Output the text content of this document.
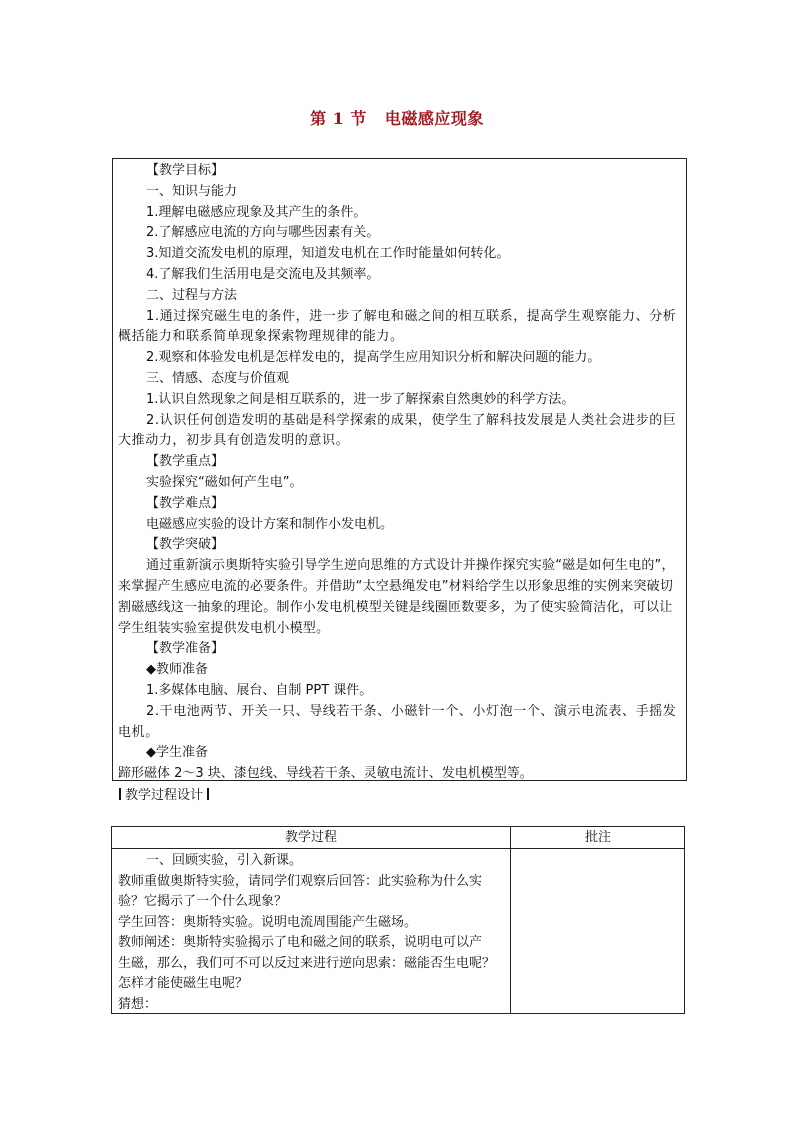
第 1 节 电磁感应现象
【教学目标】
一、知识与能力
1.理解电磁感应现象及其产生的条件。
2.了解感应电流的方向与哪些因素有关。
3.知道交流发电机的原理，知道发电机在工作时能量如何转化。
4.了解我们生活用电是交流电及其频率。
二、过程与方法
1.通过探究磁生电的条件，进一步了解电和磁之间的相互联系，提高学生观察能力、分析概括能力和联系简单现象探索物理规律的能力。
2.观察和体验发电机是怎样发电的，提高学生应用知识分析和解决问题的能力。
三、情感、态度与价值观
1.认识自然现象之间是相互联系的，进一步了解探索自然奥妙的科学方法。
2.认识任何创造发明的基础是科学探索的成果，使学生了解科技发展是人类社会进步的巨大推动力，初步具有创造发明的意识。
【教学重点】
实验探究“磁如何产生电”。
【教学难点】
电磁感应实验的设计方案和制作小发电机。
【教学突破】
通过重新演示奥斯特实验引导学生逆向思维的方式设计并操作探究实验“磁是如何生电的”，来掌握产生感应电流的必要条件。并借助“太空悬绳发电”材料给学生以形象思维的实例来突破切割磁感线这一抽象的理论。制作小发电机模型关键是线圈匝数要多，为了使实验简洁化，可以让学生组装实验室提供发电机小模型。
【教学准备】
◆教师准备
1.多媒体电脑、展台、自制 PPT 课件。
2.干电池两节、开关一只、导线若干条、小磁针一个、小灯泡一个、演示电流表、手摇发电机。
◆学生准备
蹄形磁体 2～3 块、漆包线、导线若干条、灵敏电流计、发电机模型等。
教学过程设计
教学过程	批注
一、回顾实验，引入新课。
教师重做奥斯特实验，请同学们观察后回答：此实验称为什么实
验？它揭示了一个什么现象？
学生回答：奥斯特实验。说明电流周围能产生磁场。
教师阐述：奥斯特实验揭示了电和磁之间的联系，说明电可以产
生磁，那么，我们可不可以反过来进行逆向思索：磁能否生电呢？
怎样才能使磁生电呢？
猜想：
